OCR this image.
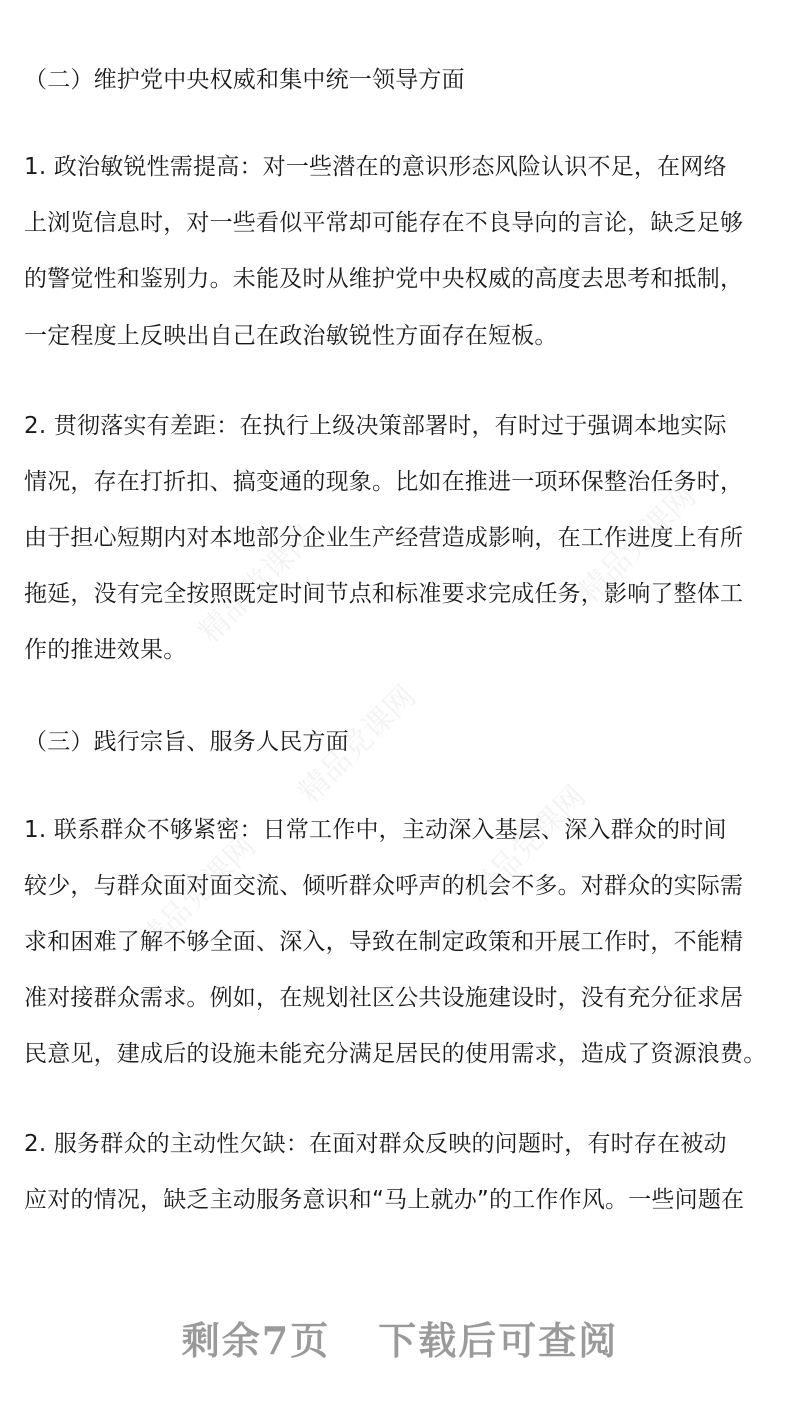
精品党课网
精品党课网
精品党课网	精品党课网
精品党课网
（二）维护党中央权威和集中统一领导方面
1. 政治敏锐性需提高：对一些潜在的意识形态风险认识不足，在网络
上浏览信息时，对一些看似平常却可能存在不良导向的言论，缺乏足够
的警觉性和鉴别力。未能及时从维护党中央权威的高度去思考和抵制，
一定程度上反映出自己在政治敏锐性方面存在短板。
2. 贯彻落实有差距：在执行上级决策部署时，有时过于强调本地实际
情况，存在打折扣、搞变通的现象。比如在推进一项环保整治任务时，
由于担心短期内对本地部分企业生产经营造成影响，在工作进度上有所
拖延，没有完全按照既定时间节点和标准要求完成任务，影响了整体工
作的推进效果。
（三）践行宗旨、服务人民方面
1. 联系群众不够紧密：日常工作中，主动深入基层、深入群众的时间
较少，与群众面对面交流、倾听群众呼声的机会不多。对群众的实际需
求和困难了解不够全面、深入，导致在制定政策和开展工作时，不能精
准对接群众需求。例如，在规划社区公共设施建设时，没有充分征求居
民意见，建成后的设施未能充分满足居民的使用需求，造成了资源浪费。
2. 服务群众的主动性欠缺：在面对群众反映的问题时，有时存在被动
应对的情况，缺乏主动服务意识和“马上就办”的工作作风。一些问题在
剩余7页 下载后可查阅
